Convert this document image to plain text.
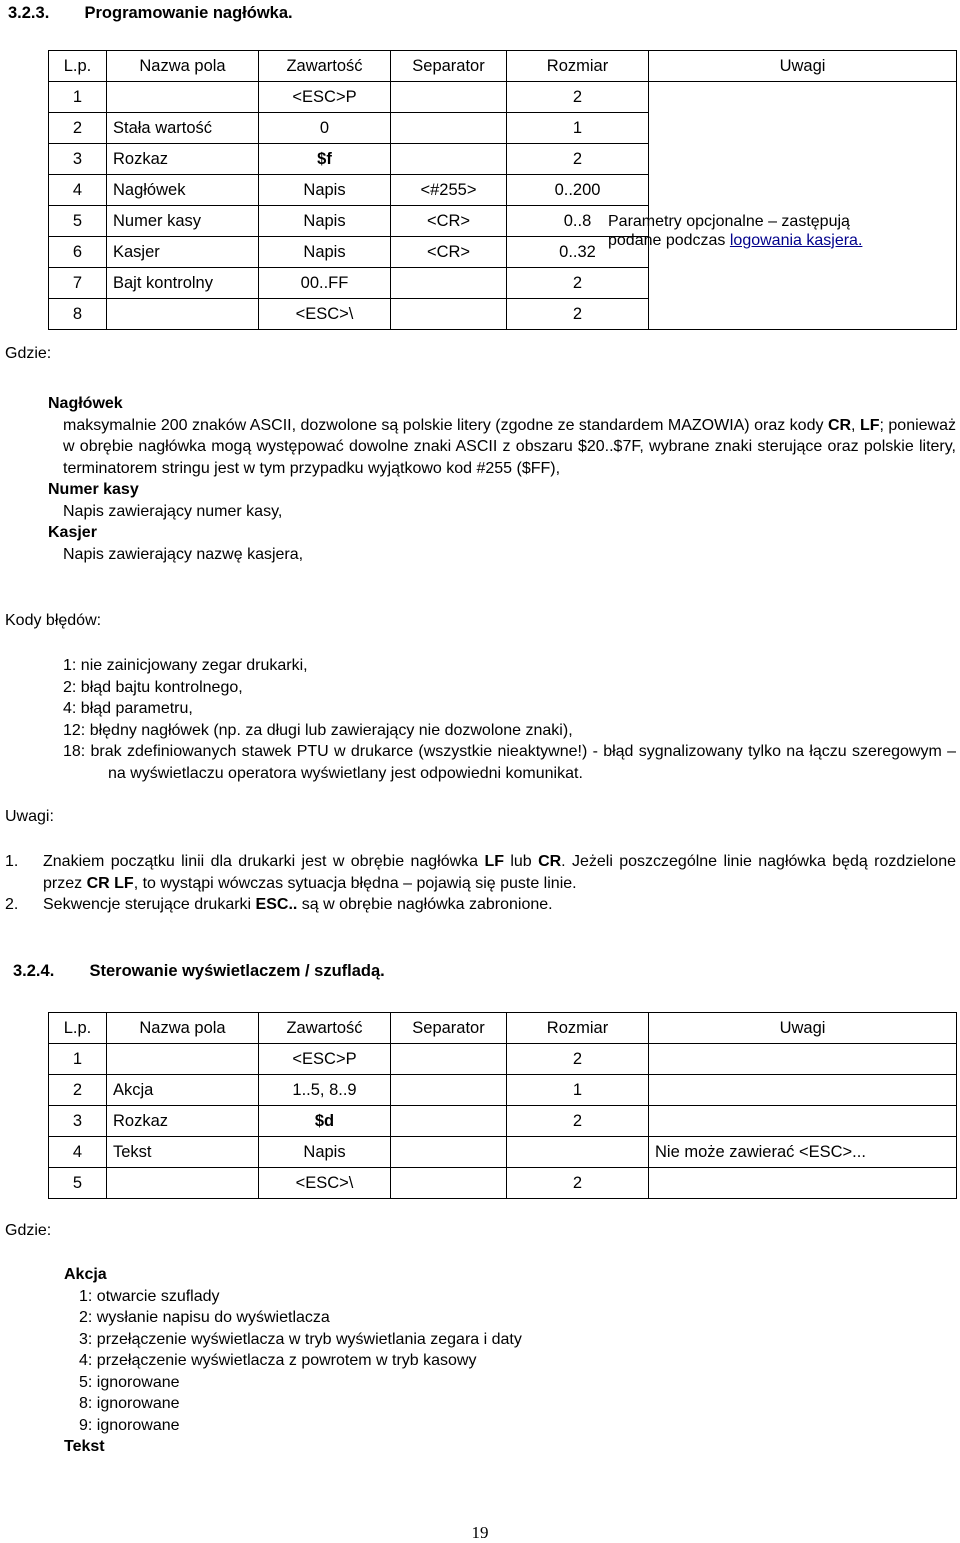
3.2.3. Programowanie nagłówka.
L.p.	Nazwa pola	Zawartość	Separator	Rozmiar	Uwagi
1		<ESC>P		2	
2	Stała wartość	0		1	
3	Rozkaz	$f		2	
4	Nagłówek	Napis	<#255>	0..200	
5	Numer kasy	Napis	<CR>	0..8	
6	Kasjer	Napis	<CR>	0..32	
7	Bajt kontrolny	00..FF		2	
8		<ESC>\		2	
Parametry opcjonalne – zastępują
podane podczas logowania kasjera.
Gdzie:
Nagłówek
maksymalnie 200 znaków ASCII, dozwolone są polskie litery (zgodne ze standardem MAZOWIA) oraz kody CR, LF; ponieważ w obrębie nagłówka mogą występować dowolne znaki ASCII z obszaru $20..$7F, wybrane znaki sterujące oraz polskie litery, terminatorem stringu jest w tym przypadku wyjątkowo kod #255 ($FF),
Numer kasy
Napis zawierający numer kasy,
Kasjer
Napis zawierający nazwę kasjera,
Kody błędów:
1: nie zainicjowany zegar drukarki,
2: błąd bajtu kontrolnego,
4: błąd parametru,
12: błędny nagłówek (np. za długi lub zawierający nie dozwolone znaki),
18: brak zdefiniowanych stawek PTU w drukarce (wszystkie nieaktywne!) - błąd sygnalizowany tylko na łączu szeregowym – na wyświetlaczu operatora wyświetlany jest odpowiedni komunikat.
Uwagi:
1. Znakiem początku linii dla drukarki jest w obrębie nagłówka LF lub CR. Jeżeli poszczególne linie nagłówka będą rozdzielone przez CR LF, to wystąpi wówczas sytuacja błędna – pojawią się puste linie.
2. Sekwencje sterujące drukarki ESC.. są w obrębie nagłówka zabronione.
3.2.4. Sterowanie wyświetlaczem / szufladą.
L.p.	Nazwa pola	Zawartość	Separator	Rozmiar	Uwagi
1		<ESC>P		2	
2	Akcja	1..5, 8..9		1	
3	Rozkaz	$d		2	
4	Tekst	Napis			Nie może zawierać <ESC>...
5		<ESC>\		2	
Gdzie:
Akcja
1: otwarcie szuflady
2: wysłanie napisu do wyświetlacza
3: przełączenie wyświetlacza w tryb wyświetlania zegara i daty
4: przełączenie wyświetlacza z powrotem w tryb kasowy
5: ignorowane
8: ignorowane
9: ignorowane
Tekst
19
